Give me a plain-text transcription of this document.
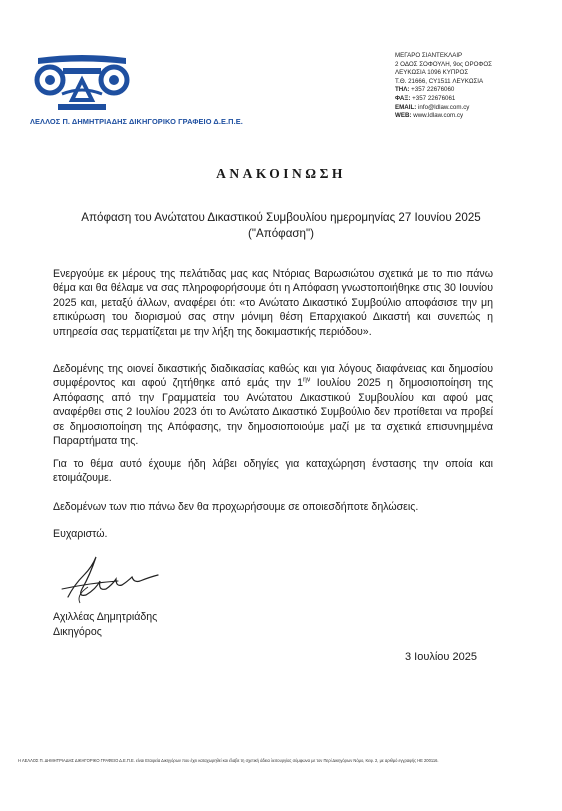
ΛΕΛΛΟΣ Π. ΔΗΜΗΤΡΙΑΔΗΣ ΔΙΚΗΓΟΡΙΚΟ ΓΡΑΦΕΙΟ Δ.Ε.Π.Ε.
ΜΕΓΑΡΟ ΣΙΑΝΤΕΚΛΑΙΡ
2 ΟΔΟΣ ΣΟΦΟΥΛΗ, 9ος ΟΡΟΦΟΣ
ΛΕΥΚΩΣΙΑ 1096 ΚΥΠΡΟΣ
Τ.Θ. 21666, CY1511 ΛΕΥΚΩΣΙΑ
ΤΗΛ: +357 22676060
ΦΑΞ: +357 22676061
EMAIL: info@ldlaw.com.cy
WEB: www.ldlaw.com.cy
ΑΝΑΚΟΙΝΩΣΗ
Απόφαση του Ανώτατου Δικαστικού Συμβουλίου ημερομηνίας 27 Ιουνίου 2025
("Απόφαση")
Ενεργούμε εκ μέρους της πελάτιδας μας κας Ντόριας Βαρωσιώτου σχετικά με το πιο πάνω θέμα και θα θέλαμε να σας πληροφορήσουμε ότι η Απόφαση γνωστοποιήθηκε στις 30 Ιουνίου 2025 και, μεταξύ άλλων, αναφέρει ότι: «το Ανώτατο Δικαστικό Συμβούλιο αποφάσισε την μη επικύρωση του διορισμού σας στην μόνιμη θέση Επαρχιακού Δικαστή και συνεπώς η υπηρεσία σας τερματίζεται με την λήξη της δοκιμαστικής περιόδου».
Δεδομένης της οιονεί δικαστικής διαδικασίας καθώς και για λόγους διαφάνειας και δημοσίου συμφέροντος και αφού ζητήθηκε από εμάς την $1^{\eta\nu}$ Ιουλίου 2025 η δημοσιοποίηση της Απόφασης από την Γραμματεία του Ανώτατου Δικαστικού Συμβουλίου και αφού μας αναφέρθει στις 2 Ιουλίου 2023 ότι το Ανώτατο Δικαστικό Συμβούλιο δεν προτίθεται να προβεί σε δημοσιοποίηση της Απόφασης, την δημοσιοποιούμε μαζί με τα σχετικά επισυνημμένα Παραρτήματα της.
Για το θέμα αυτό έχουμε ήδη λάβει οδηγίες για καταχώρηση ένστασης την οποία και ετοιμάζουμε.
Δεδομένων των πιο πάνω δεν θα προχωρήσουμε σε οποιεσδήποτε δηλώσεις.
Ευχαριστώ.
Αχιλλέας Δημητριάδης
Δικηγόρος
3 Ιουλίου 2025
Η ΛΕΛΛΟΣ Π. ΔΗΜΗΤΡΙΑΔΗΣ ΔΙΚΗΓΟΡΙΚΟ ΓΡΑΦΕΙΟ Δ.Ε.Π.Ε. είναι Εταιρεία Δικηγόρων που έχει καταχωρηθεί και έλαβε τη σχετική άδεια λειτουργίας σύμφωνα με τον Περί Δικηγόρων Νόμο, Κεφ. 2, με αριθμό εγγραφής ΗΕ 200116.
